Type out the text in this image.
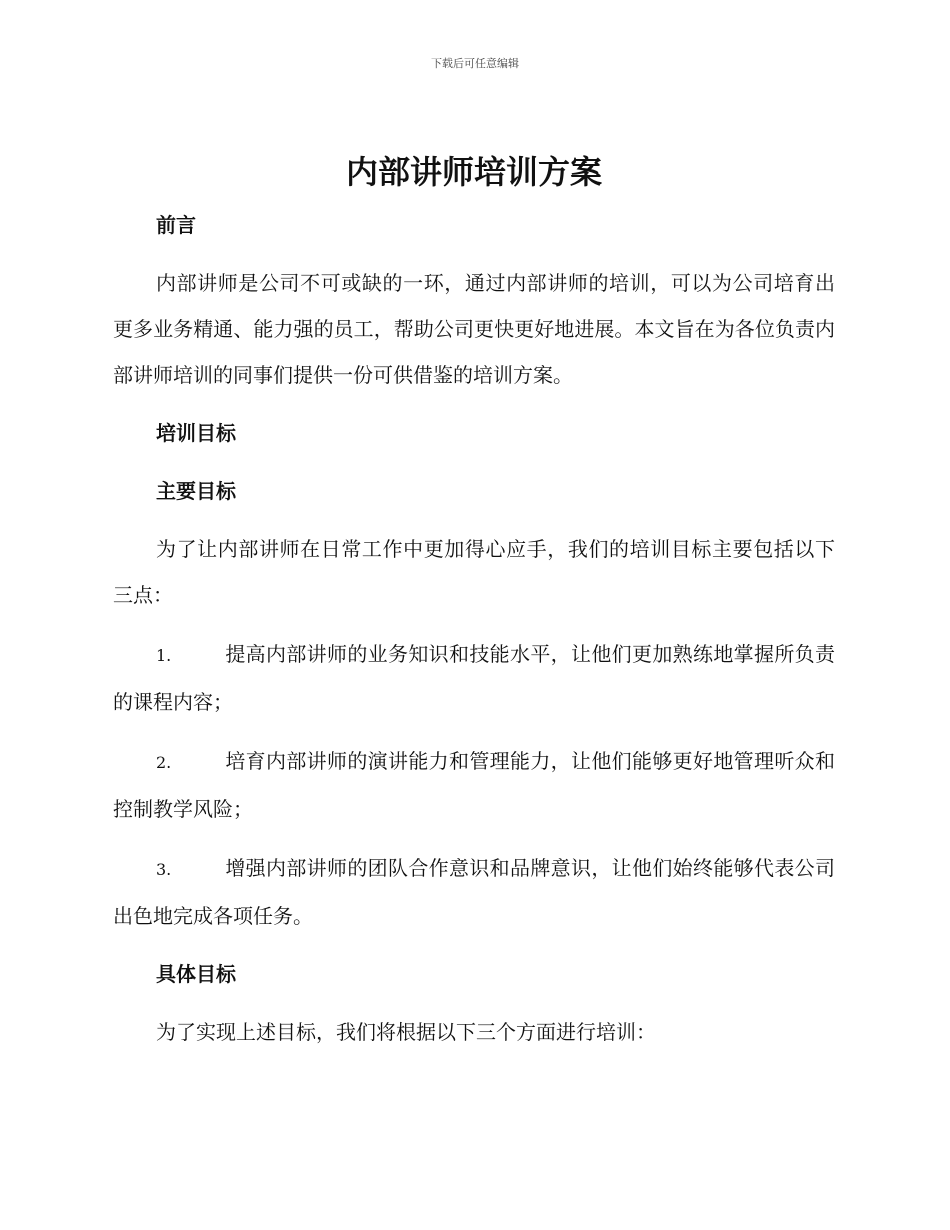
下载后可任意编辑
内部讲师培训方案

前言

内部讲师是公司不可或缺的一环，通过内部讲师的培训，可以为公司培育出更多业务精通、能力强的员工，帮助公司更快更好地进展。本文旨在为各位负责内部讲师培训的同事们提供一份可供借鉴的培训方案。

培训目标

主要目标

为了让内部讲师在日常工作中更加得心应手，我们的培训目标主要包括以下三点：

1.	提高内部讲师的业务知识和技能水平，让他们更加熟练地掌握所负责的课程内容；

2.	培育内部讲师的演讲能力和管理能力，让他们能够更好地管理听众和控制教学风险；

3.	增强内部讲师的团队合作意识和品牌意识，让他们始终能够代表公司出色地完成各项任务。

具体目标

为了实现上述目标，我们将根据以下三个方面进行培训：
